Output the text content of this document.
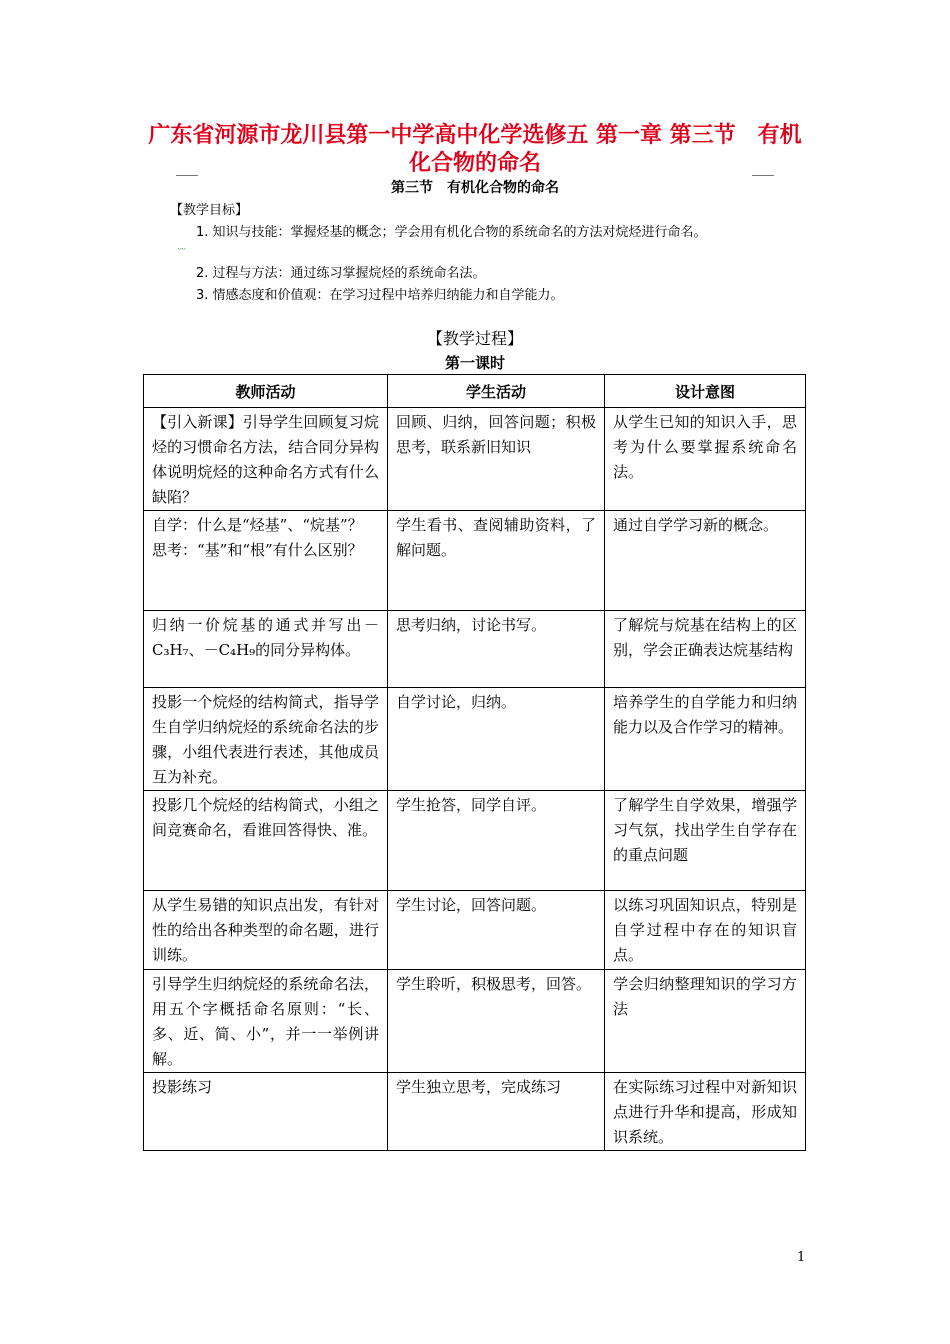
广东省河源市龙川县第一中学高中化学选修五 第一章 第三节　有机化合物的命名
第三节　有机化合物的命名
【教学目标】
1. 知识与技能：掌握烃基的概念；学会用有机化合物的系统命名的方法对烷烃进行命名。
ᵕᵕ
2. 过程与方法：通过练习掌握烷烃的系统命名法。
3. 情感态度和价值观：在学习过程中培养归纳能力和自学能力。
【教学过程】
第一课时
教师活动	学生活动	设计意图
【引入新课】引导学生回顾复习烷烃的习惯命名方法，结合同分异构体说明烷烃的这种命名方式有什么缺陷？	回顾、归纳，回答问题；积极思考，联系新旧知识	从学生已知的知识入手，思考为什么要掌握系统命名法。
自学：什么是“烃基”、“烷基”？
思考：“基”和“根”有什么区别？	学生看书、查阅辅助资料，了解问题。	通过自学学习新的概念。
归纳一价烷基的通式并写出－C₃H₇、－C₄H₉的同分异构体。	思考归纳，讨论书写。	了解烷与烷基在结构上的区别，学会正确表达烷基结构
投影一个烷烃的结构简式，指导学生自学归纳烷烃的系统命名法的步骤，小组代表进行表述，其他成员互为补充。	自学讨论，归纳。	培养学生的自学能力和归纳能力以及合作学习的精神。
投影几个烷烃的结构简式，小组之间竞赛命名，看谁回答得快、准。	学生抢答，同学自评。	了解学生自学效果，增强学习气氛，找出学生自学存在的重点问题
从学生易错的知识点出发，有针对性的给出各种类型的命名题，进行训练。	学生讨论，回答问题。	以练习巩固知识点，特别是自学过程中存在的知识盲点。
引导学生归纳烷烃的系统命名法，用五个字概括命名原则：“长、多、近、简、小”，并一一举例讲解。	学生聆听，积极思考，回答。	学会归纳整理知识的学习方法
投影练习	学生独立思考，完成练习	在实际练习过程中对新知识点进行升华和提高，形成知识系统。
1
